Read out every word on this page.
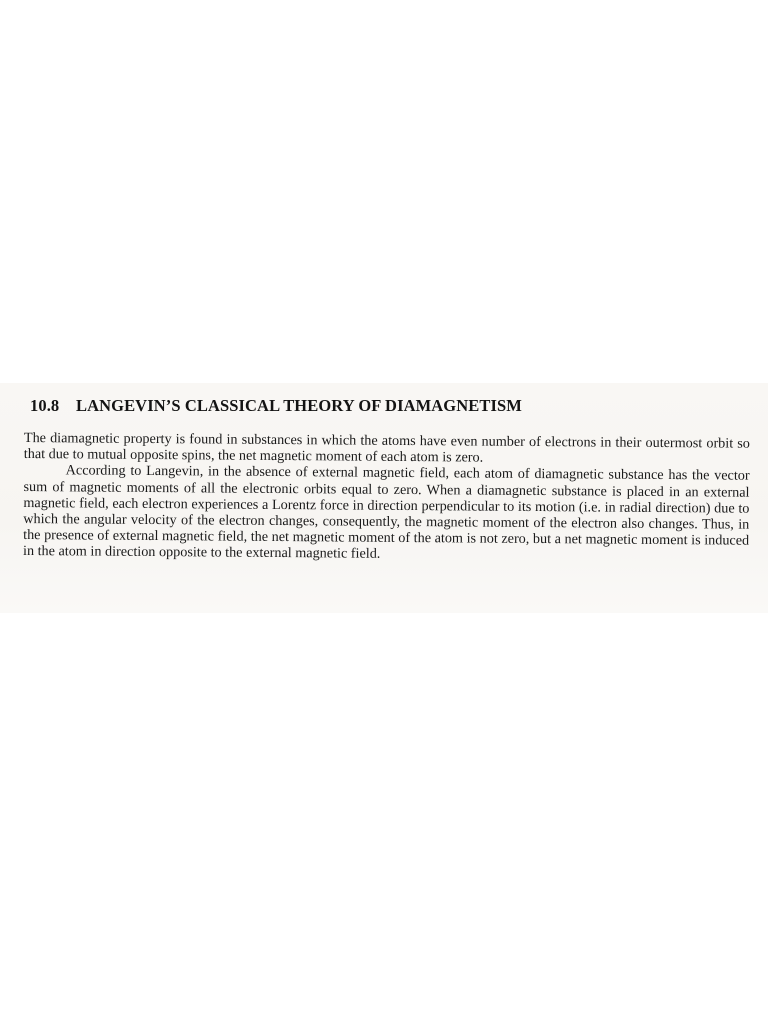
10.8 LANGEVIN’S CLASSICAL THEORY OF DIAMAGNETISM

The diamagnetic property is found in substances in which the atoms have even number of electrons in their outermost orbit so that due to mutual opposite spins, the net magnetic moment of each atom is zero.

According to Langevin, in the absence of external magnetic field, each atom of diamagnetic substance has the vector sum of magnetic moments of all the electronic orbits equal to zero. When a diamagnetic substance is placed in an external magnetic field, each electron experiences a Lorentz force in direction perpendicular to its motion (i.e. in radial direction) due to which the angular velocity of the electron changes, consequently, the magnetic moment of the electron also changes. Thus, in the presence of external magnetic field, the net magnetic moment of the atom is not zero, but a net magnetic moment is induced in the atom in direction opposite to the external magnetic field.
